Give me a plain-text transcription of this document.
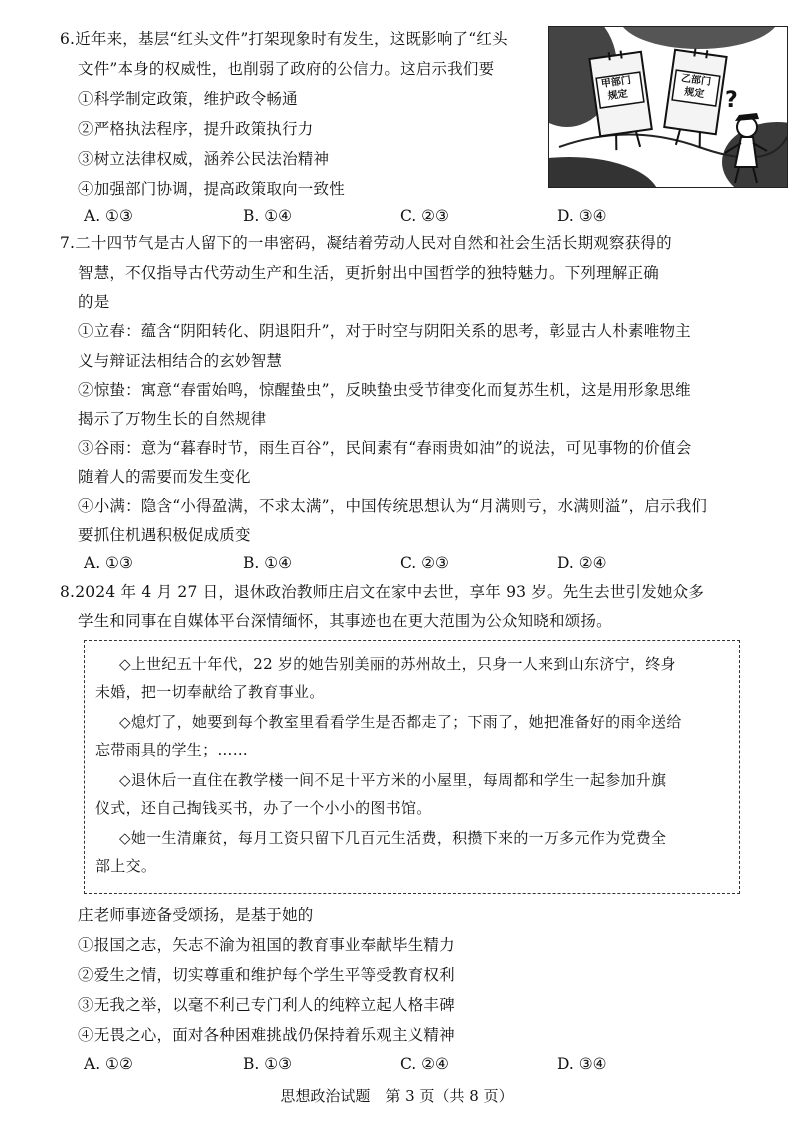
6.近年来，基层“红头文件”打架现象时有发生，这既影响了“红头
文件”本身的权威性，也削弱了政府的公信力。这启示我们要
①科学制定政策，维护政令畅通
②严格执法程序，提升政策执行力
③树立法律权威，涵养公民法治精神
④加强部门协调，提高政策取向一致性
A. ①③	B. ①④	C. ②③	D. ③④
?
甲部门
规定
乙部门
规定
7.二十四节气是古人留下的一串密码，凝结着劳动人民对自然和社会生活长期观察获得的
智慧，不仅指导古代劳动生产和生活，更折射出中国哲学的独特魅力。下列理解正确
的是
①立春：蕴含“阴阳转化、阴退阳升”，对于时空与阴阳关系的思考，彰显古人朴素唯物主
义与辩证法相结合的玄妙智慧
②惊蛰：寓意“春雷始鸣，惊醒蛰虫”，反映蛰虫受节律变化而复苏生机，这是用形象思维
揭示了万物生长的自然规律
③谷雨：意为“暮春时节，雨生百谷”，民间素有“春雨贵如油”的说法，可见事物的价值会
随着人的需要而发生变化
④小满：隐含“小得盈满，不求太满”，中国传统思想认为“月满则亏，水满则溢”，启示我们
要抓住机遇积极促成质变
A. ①③	B. ①④	C. ②③	D. ②④
8.2024 年 4 月 27 日，退休政治教师庄启文在家中去世，享年 93 岁。先生去世引发她众多
学生和同事在自媒体平台深情缅怀，其事迹也在更大范围为公众知晓和颂扬。
◇上世纪五十年代，22 岁的她告别美丽的苏州故土，只身一人来到山东济宁，终身
未婚，把一切奉献给了教育事业。
◇熄灯了，她要到每个教室里看看学生是否都走了；下雨了，她把准备好的雨伞送给
忘带雨具的学生；……
◇退休后一直住在教学楼一间不足十平方米的小屋里，每周都和学生一起参加升旗
仪式，还自己掏钱买书，办了一个小小的图书馆。
◇她一生清廉贫，每月工资只留下几百元生活费，积攒下来的一万多元作为党费全
部上交。
庄老师事迹备受颂扬，是基于她的
①报国之志，矢志不渝为祖国的教育事业奉献毕生精力
②爱生之情，切实尊重和维护每个学生平等受教育权利
③无我之举，以毫不利己专门利人的纯粹立起人格丰碑
④无畏之心，面对各种困难挑战仍保持着乐观主义精神
A. ①②	B. ①③	C. ②④	D. ③④
思想政治试题　第 3 页（共 8 页）
